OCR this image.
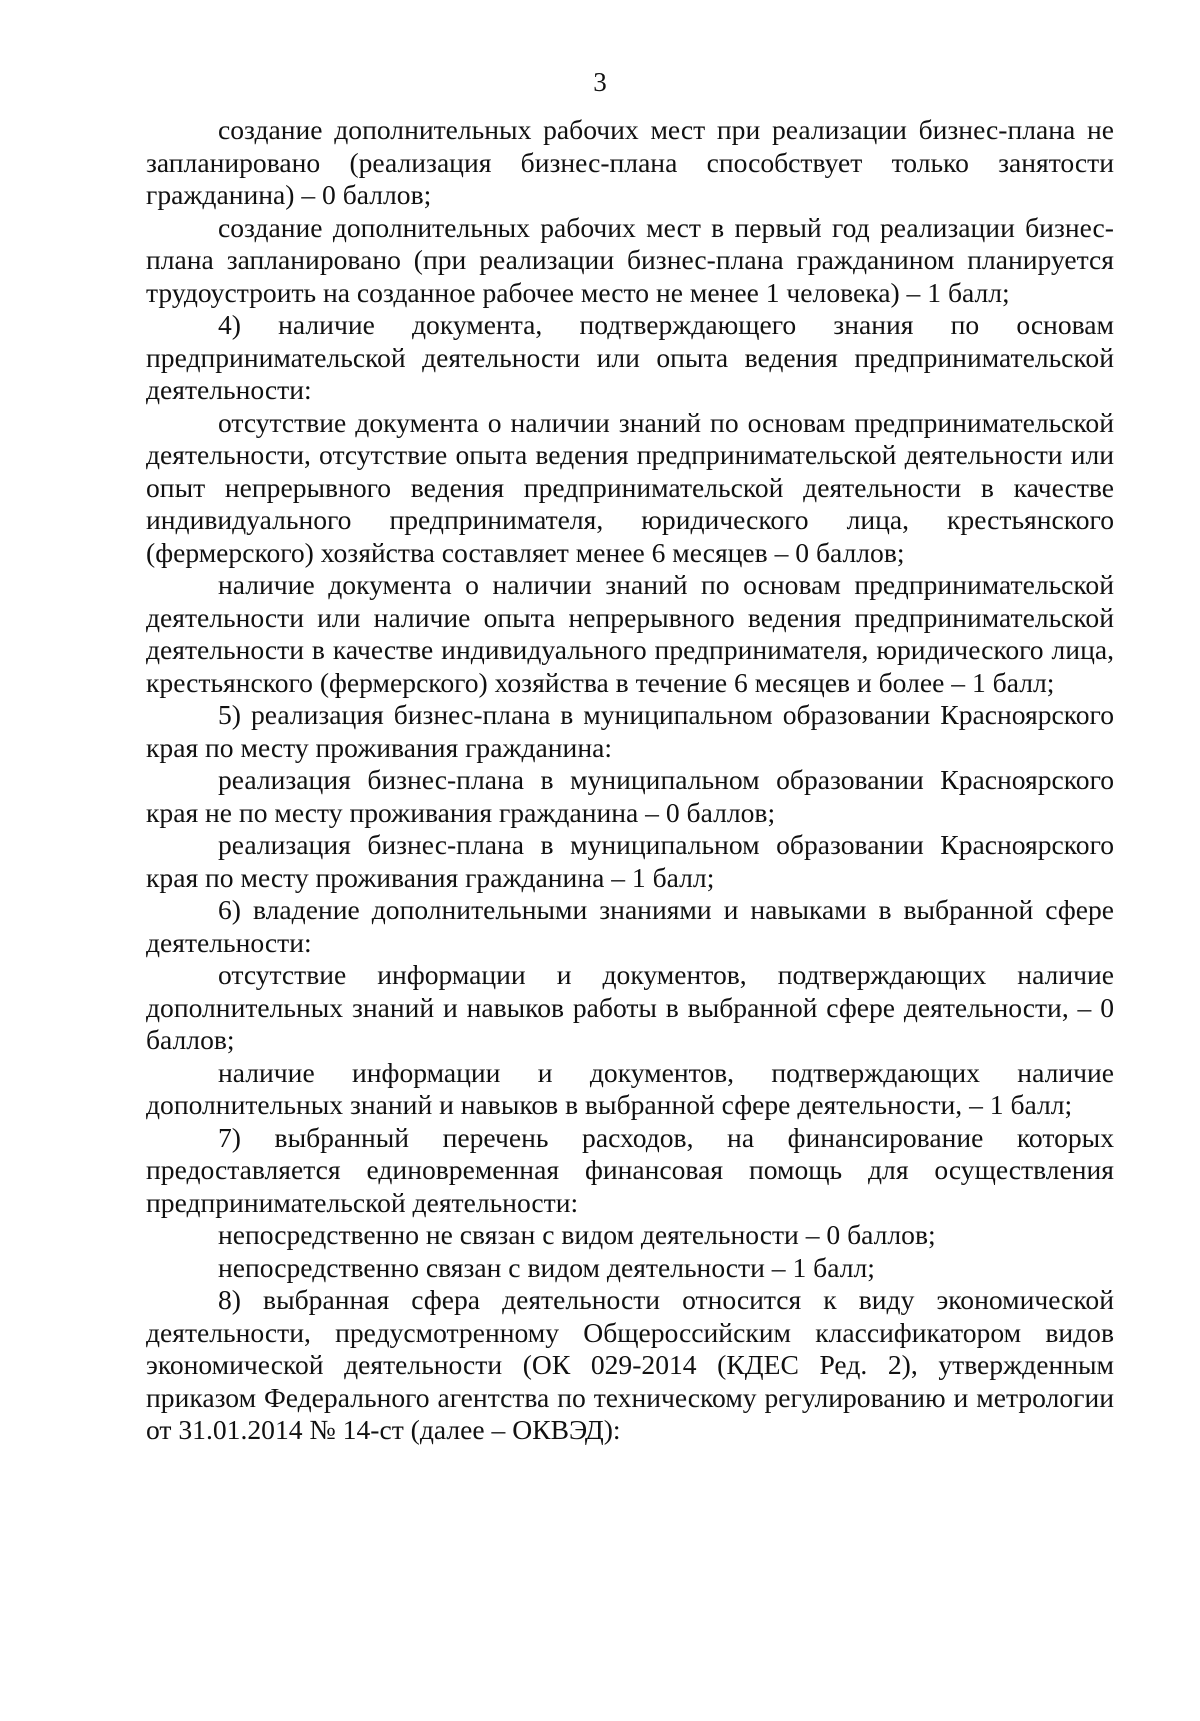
3

создание дополнительных рабочих мест при реализации бизнес-плана не запланировано (реализация бизнес-плана способствует только занятости гражданина) – 0 баллов;

создание дополнительных рабочих мест в первый год реализации бизнес-плана запланировано (при реализации бизнес-плана гражданином планируется трудоустроить на созданное рабочее место не менее 1 человека) – 1 балл;

4) наличие документа, подтверждающего знания по основам предпринимательской деятельности или опыта ведения предпринимательской деятельности:

отсутствие документа о наличии знаний по основам предпринимательской деятельности, отсутствие опыта ведения предпринимательской деятельности или опыт непрерывного ведения предпринимательской деятельности в качестве индивидуального предпринимателя, юридического лица, крестьянского (фермерского) хозяйства составляет менее 6 месяцев – 0 баллов;

наличие документа о наличии знаний по основам предпринимательской деятельности или наличие опыта непрерывного ведения предпринимательской деятельности в качестве индивидуального предпринимателя, юридического лица, крестьянского (фермерского) хозяйства в течение 6 месяцев и более – 1 балл;

5) реализация бизнес-плана в муниципальном образовании Красноярского края по месту проживания гражданина:

реализация бизнес-плана в муниципальном образовании Красноярского края не по месту проживания гражданина – 0 баллов;

реализация бизнес-плана в муниципальном образовании Красноярского края по месту проживания гражданина – 1 балл;

6) владение дополнительными знаниями и навыками в выбранной сфере деятельности:

отсутствие информации и документов, подтверждающих наличие дополнительных знаний и навыков работы в выбранной сфере деятельности, – 0 баллов;

наличие информации и документов, подтверждающих наличие дополнительных знаний и навыков в выбранной сфере деятельности, – 1 балл;

7) выбранный перечень расходов, на финансирование которых предоставляется единовременная финансовая помощь для осуществления предпринимательской деятельности:

непосредственно не связан с видом деятельности – 0 баллов;

непосредственно связан с видом деятельности – 1 балл;

8) выбранная сфера деятельности относится к виду экономической деятельности, предусмотренному Общероссийским классификатором видов экономической деятельности (ОК 029-2014 (КДЕС Ред. 2), утвержденным приказом Федерального агентства по техническому регулированию и метрологии от 31.01.2014 № 14-ст (далее – ОКВЭД):
